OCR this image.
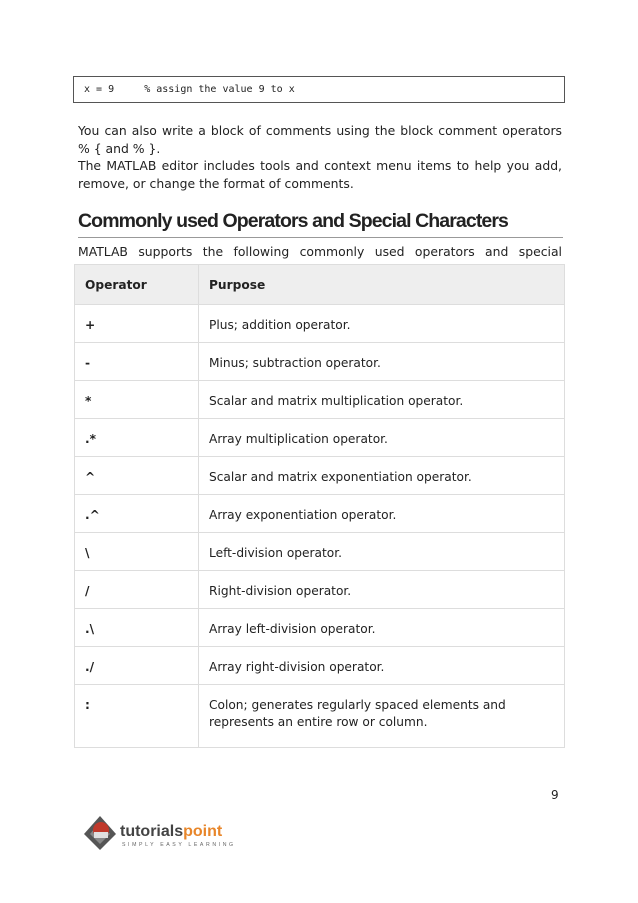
x = 9     % assign the value 9 to x

You can also write a block of comments using the block comment operators % { and % }.

The MATLAB editor includes tools and context menu items to help you add, remove, or change the format of comments.

Commonly used Operators and Special Characters

MATLAB supports the following commonly used operators and special

Operator	Purpose
+	Plus; addition operator.
-	Minus; subtraction operator.
*	Scalar and matrix multiplication operator.
.*	Array multiplication operator.
^	Scalar and matrix exponentiation operator.
.^	Array exponentiation operator.
\	Left-division operator.
/	Right-division operator.
.\	Array left-division operator.
./	Array right-division operator.
:	Colon; generates regularly spaced elements and represents an entire row or column.
9
tutorialspoint
SIMPLY EASY LEARNING
